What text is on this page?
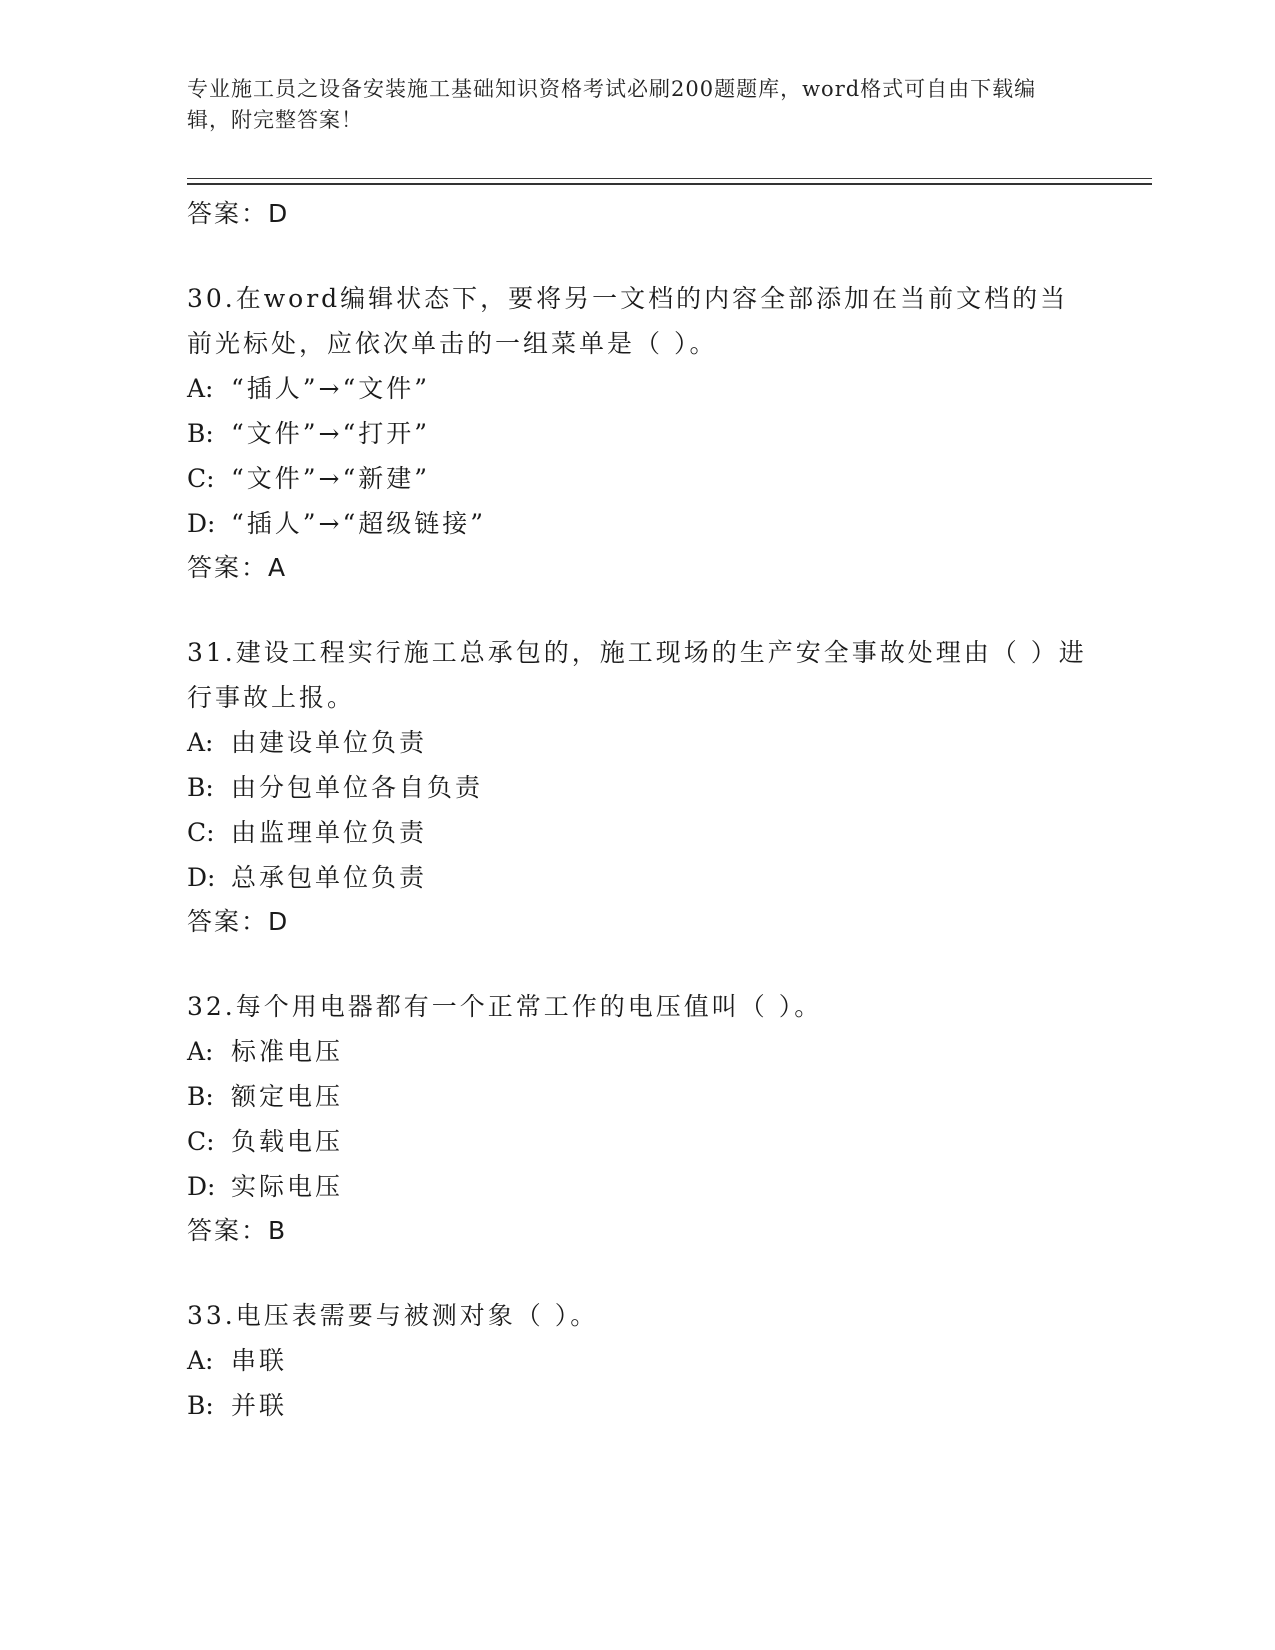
专业施工员之设备安装施工基础知识资格考试必刷200题题库，word格式可自由下载编辑，附完整答案！

答案： D

30.在word编辑状态下，要将另一文档的内容全部添加在当前文档的当前光标处，应依次单击的一组菜单是（ ）。

A: “插人”→“文件”

B: “文件”→“打开”

C: “文件”→“新建”

D: “插人”→“超级链接”

答案： A

31.建设工程实行施工总承包的，施工现场的生产安全事故处理由（ ）进行事故上报。

A: 由建设单位负责

B: 由分包单位各自负责

C: 由监理单位负责

D: 总承包单位负责

答案： D

32.每个用电器都有一个正常工作的电压值叫（ ）。

A: 标准电压

B: 额定电压

C: 负载电压

D: 实际电压

答案： B

33.电压表需要与被测对象（ ）。

A: 串联

B: 并联
